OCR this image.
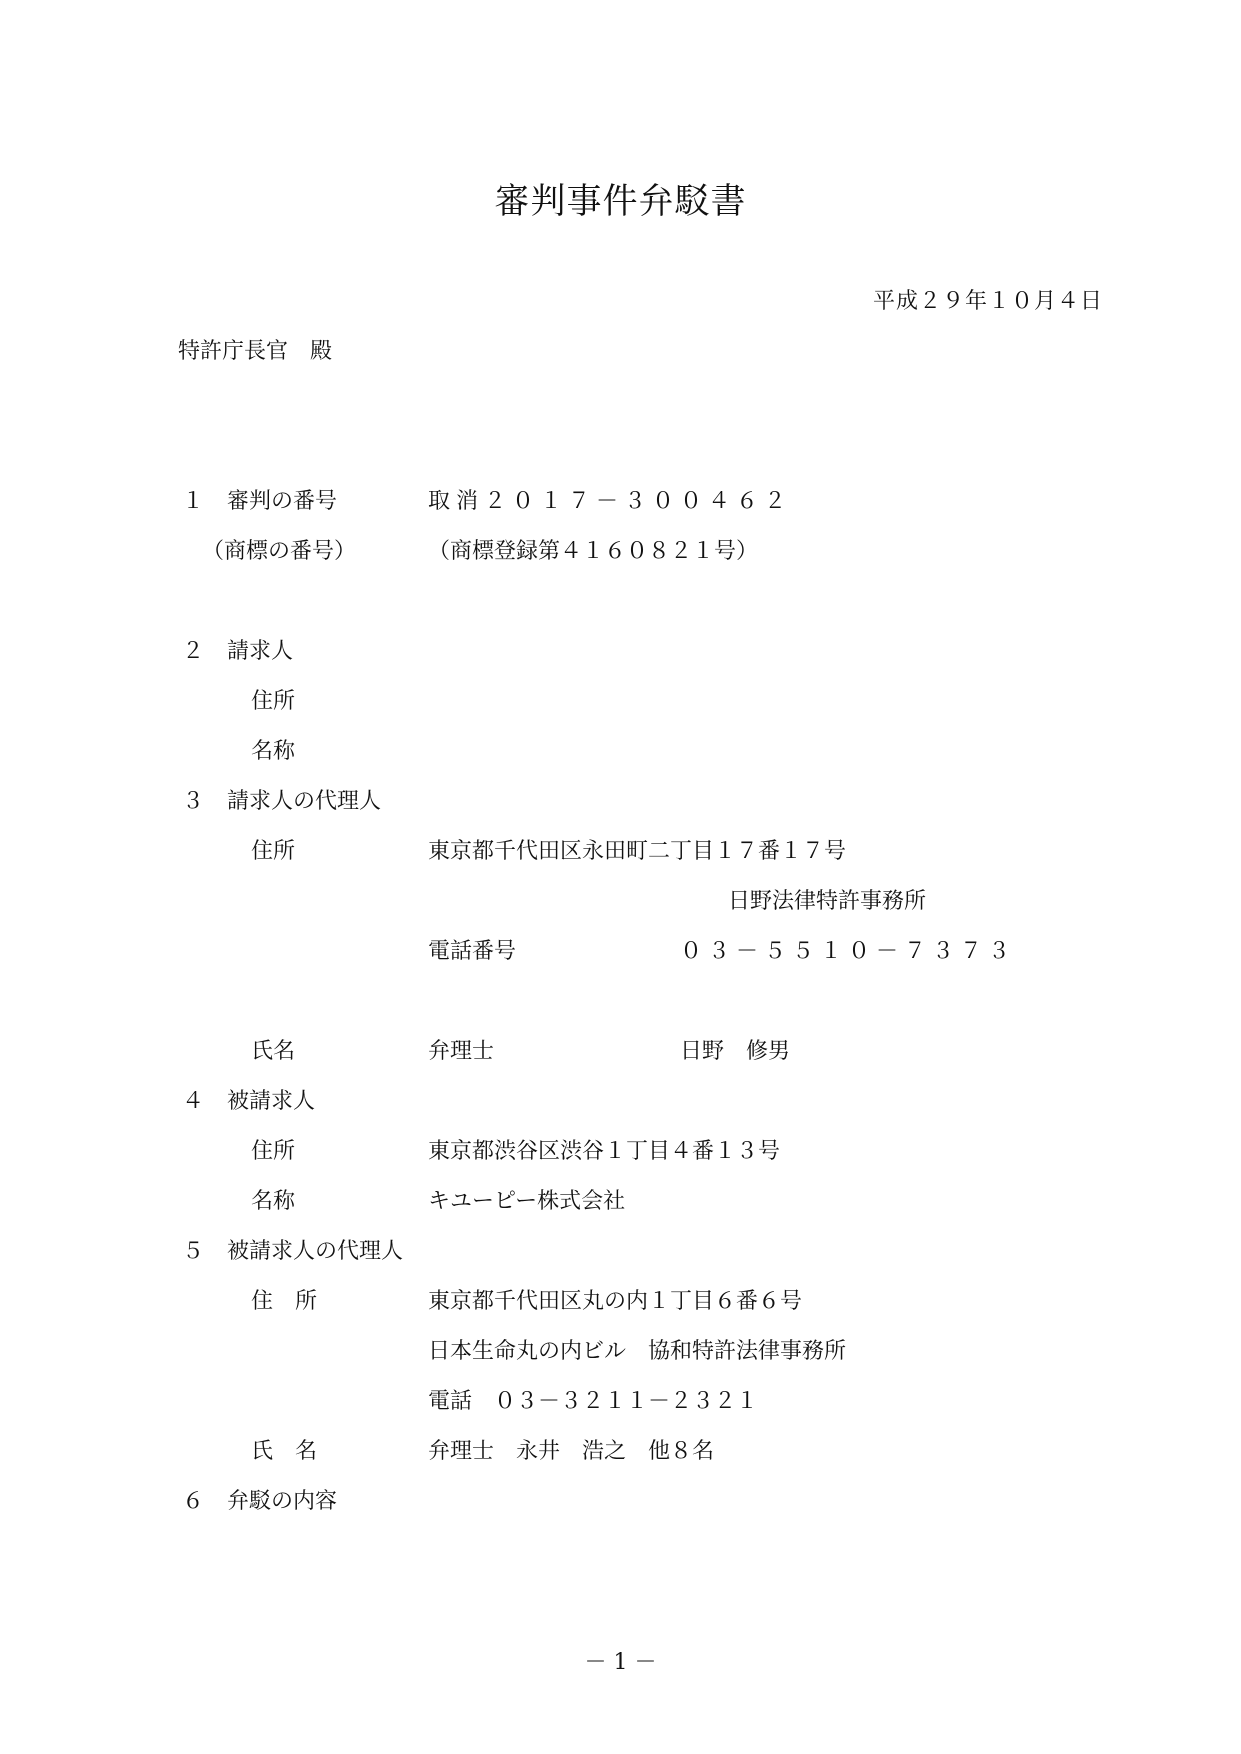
審判事件弁駁書
平成２９年１０月４日
特許庁長官　殿
１ 審判の番号	取消２０１７－３００４６２
（商標の番号）	（商標登録第４１６０８２１号）
２ 請求人
住所
名称
３ 請求人の代理人
住所	東京都千代田区永田町二丁目１７番１７号
日野法律特許事務所
電話番号	０３－５５１０－７３７３
氏名	弁理士	日野　修男
４ 被請求人
住所	東京都渋谷区渋谷１丁目４番１３号
名称	キユーピー株式会社
５ 被請求人の代理人
住　所	東京都千代田区丸の内１丁目６番６号
日本生命丸の内ビル　協和特許法律事務所
電話　０３－３２１１－２３２１
氏　名	弁理士　永井　浩之　他８名
６ 弁駁の内容
－ 1 －
